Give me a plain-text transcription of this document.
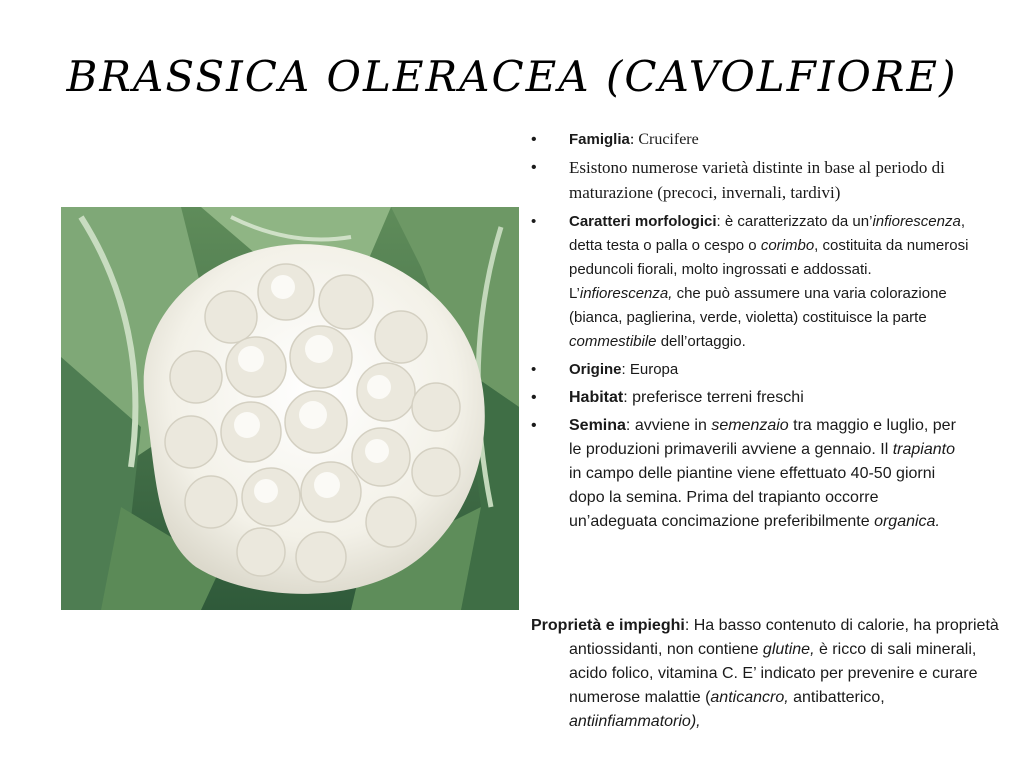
BRASSICA OLERACEA (CAVOLFIORE)
•	Famiglia: Crucifere
•	Esistono numerose varietà distinte in base al periodo di maturazione (precoci, invernali, tardivi)
•	Caratteri morfologici: è caratterizzato da un’infiorescenza, detta testa o palla o cespo o corimbo, costituita da numerosi peduncoli fiorali, molto ingrossati e addossati. L’infiorescenza, che può assumere una varia colorazione (bianca, paglierina, verde, violetta) costituisce la parte commestibile dell’ortaggio.
•	Origine: Europa
•	Habitat: preferisce terreni freschi
•	Semina: avviene in semenzaio tra maggio e luglio, per le produzioni primaverili avviene a gennaio. Il trapianto in campo delle piantine viene effettuato 40-50 giorni dopo la semina. Prima del trapianto occorre un’adeguata concimazione preferibilmente organica.
Proprietà e impieghi: Ha basso contenuto di calorie, ha proprietà antiossidanti, non contiene glutine, è ricco di sali minerali, acido folico, vitamina C. E’ indicato per prevenire e curare numerose malattie (anticancro, antibatterico, antiinfiammatorio),
